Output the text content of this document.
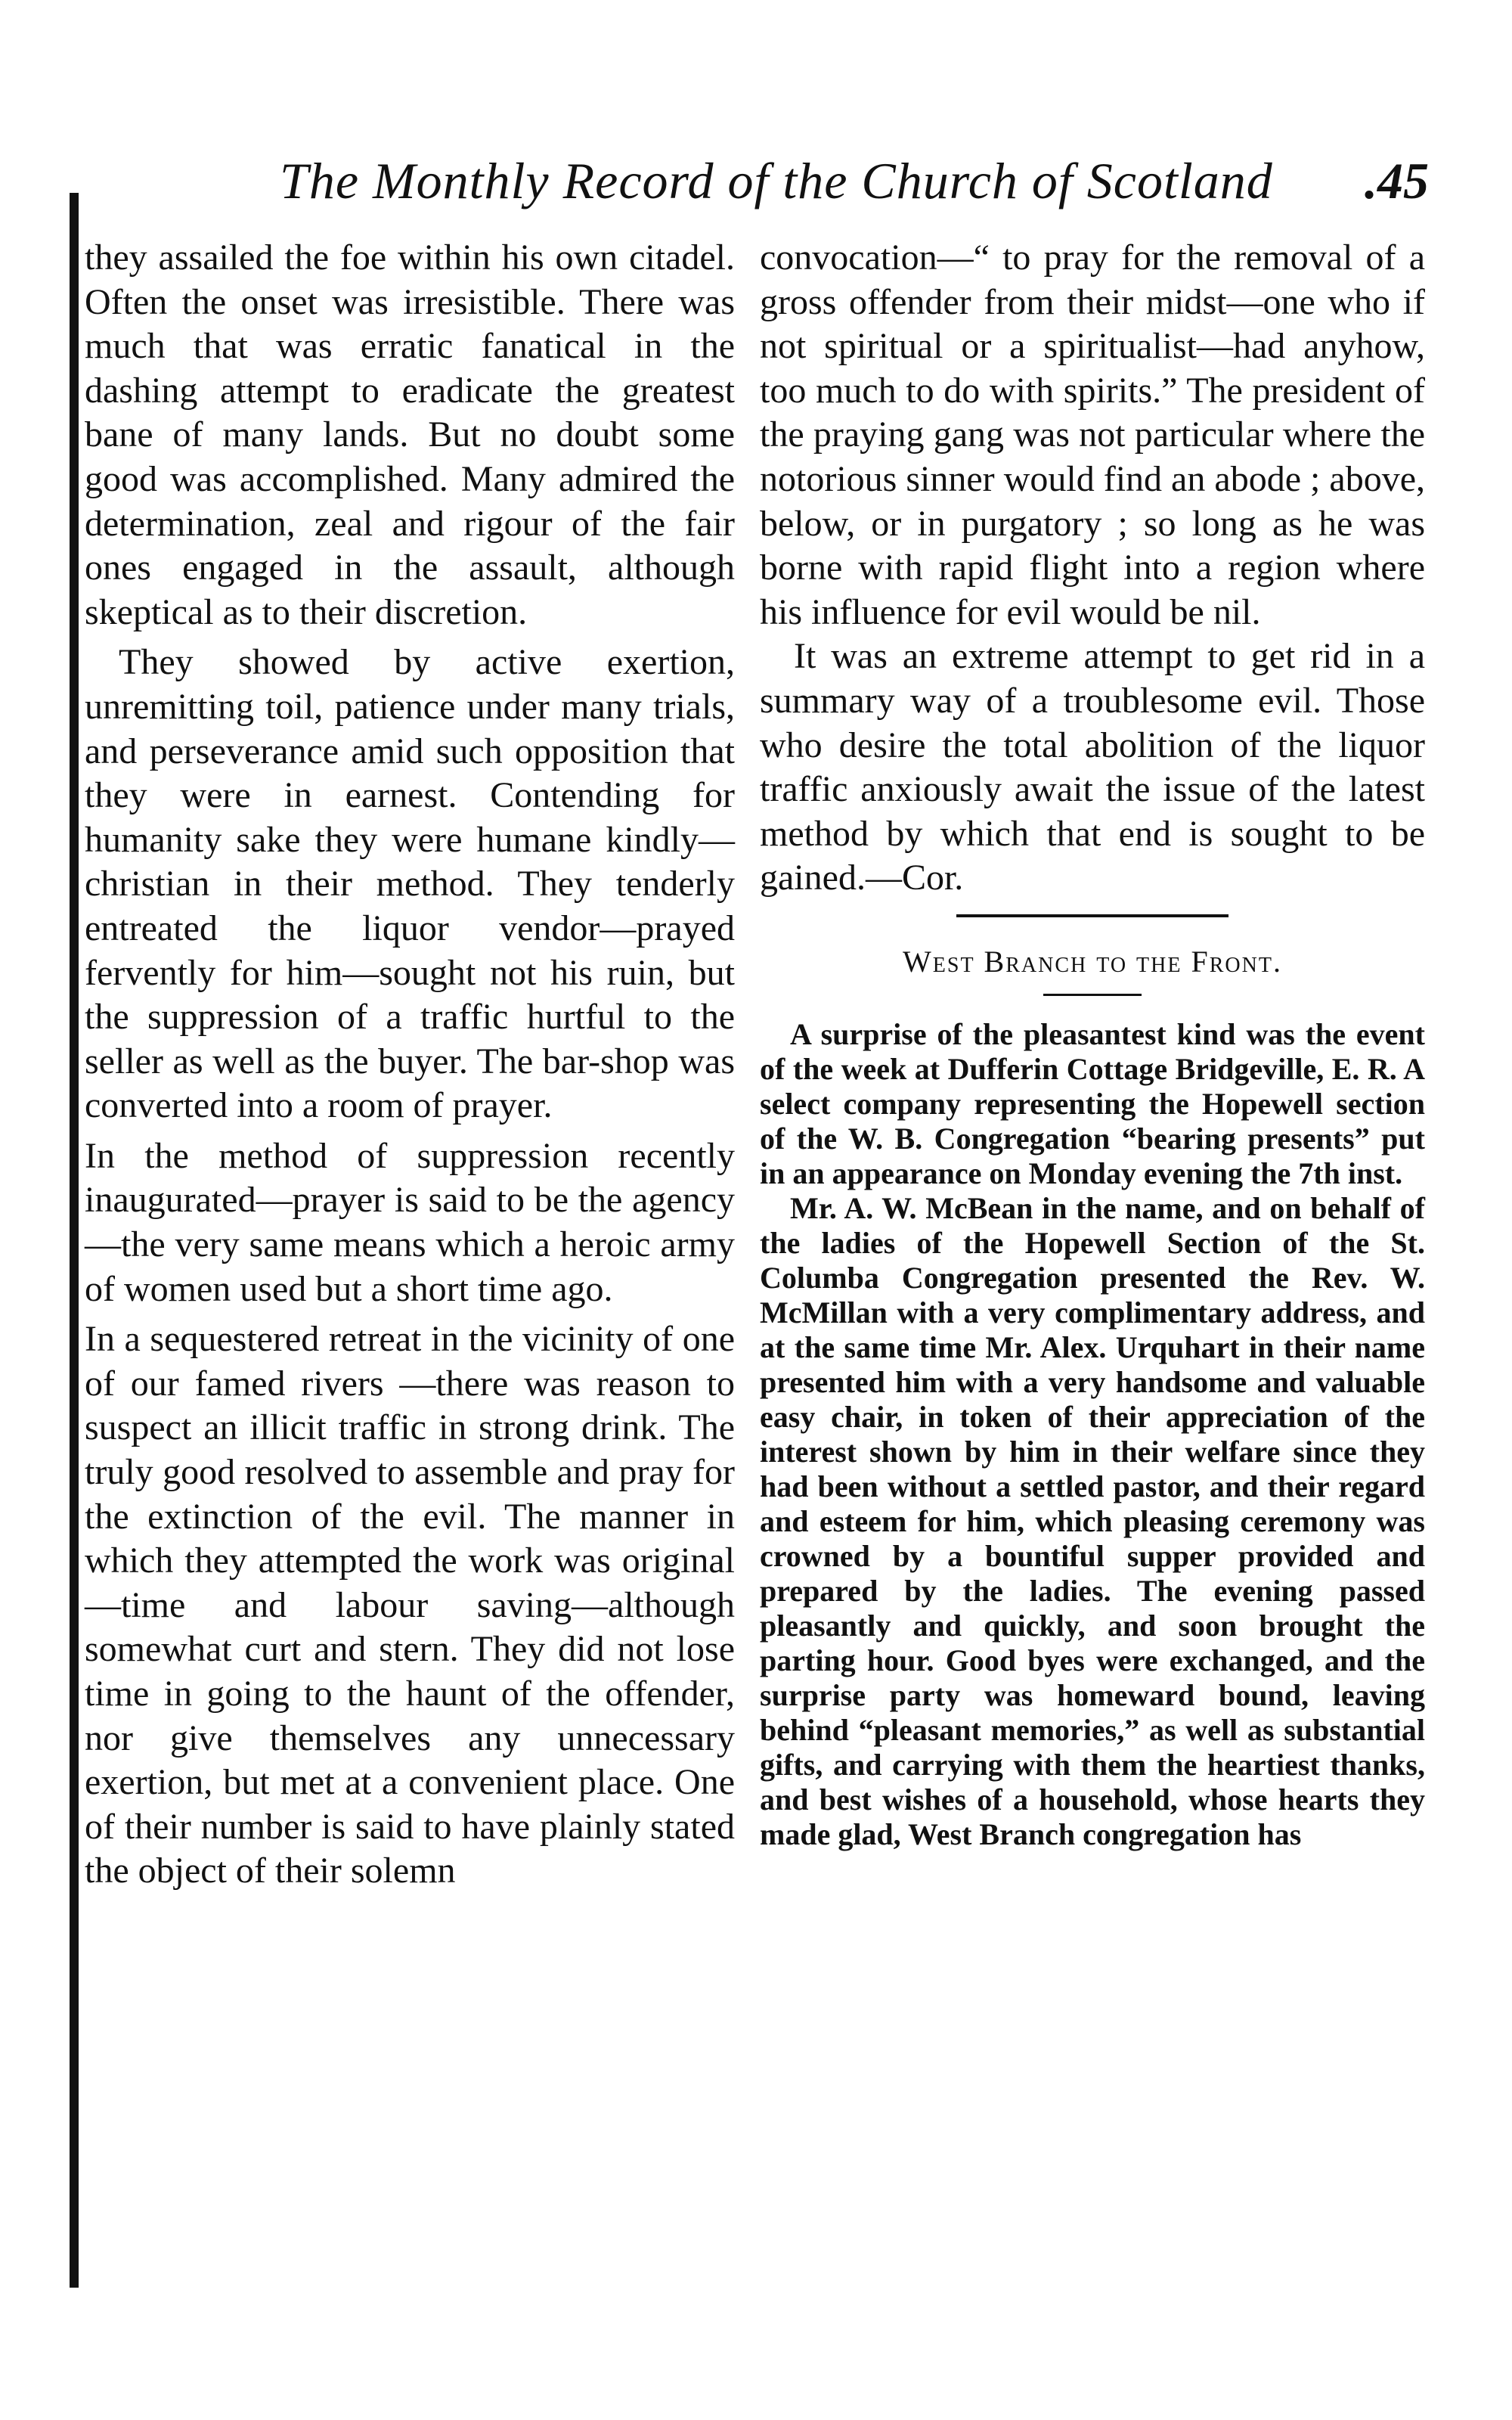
The Monthly Record of the Church of Scotland .45

they assailed the foe within his own citadel. Often the onset was irresistible. There was much that was erratic fanatical in the dashing attempt to eradicate the greatest bane of many lands. But no doubt some good was accomplished. Many admired the determination, zeal and rigour of the fair ones engaged in the assault, although skeptical as to their discretion.

They showed by active exertion, unremitting toil, patience under many trials, and perseverance amid such opposition that they were in earnest. Contending for humanity sake they were humane kindly—christian in their method. They tenderly entreated the liquor vendor—prayed fervently for him—sought not his ruin, but the suppression of a traffic hurtful to the seller as well as the buyer. The bar-shop was converted into a room of prayer.

In the method of suppression recently inaugurated—prayer is said to be the agency—the very same means which a heroic army of women used but a short time ago.

In a sequestered retreat in the vicinity of one of our famed rivers —there was reason to suspect an illicit traffic in strong drink. The truly good resolved to assemble and pray for the extinction of the evil. The manner in which they attempted the work was original—time and labour saving—although somewhat curt and stern. They did not lose time in going to the haunt of the offender, nor give themselves any unnecessary exertion, but met at a convenient place. One of their number is said to have plainly stated the object of their solemn

convocation—“ to pray for the removal of a gross offender from their midst—one who if not spiritual or a spiritualist—had anyhow, too much to do with spirits.” The president of the praying gang was not particular where the notorious sinner would find an abode ; above, below, or in purgatory ; so long as he was borne with rapid flight into a region where his influence for evil would be nil.

It was an extreme attempt to get rid in a summary way of a troublesome evil. Those who desire the total abolition of the liquor traffic anxiously await the issue of the latest method by which that end is sought to be gained.—Cor.

West Branch to the Front.

A surprise of the pleasantest kind was the event of the week at Dufferin Cottage Bridgeville, E. R. A select company representing the Hopewell section of the W. B. Congregation “bearing presents” put in an appearance on Monday evening the 7th inst.

Mr. A. W. McBean in the name, and on behalf of the ladies of the Hopewell Section of the St. Columba Congregation presented the Rev. W. McMillan with a very complimentary address, and at the same time Mr. Alex. Urquhart in their name presented him with a very handsome and valuable easy chair, in token of their appreciation of the interest shown by him in their welfare since they had been without a settled pastor, and their regard and esteem for him, which pleasing ceremony was crowned by a bountiful supper provided and prepared by the ladies. The evening passed pleasantly and quickly, and soon brought the parting hour. Good byes were exchanged, and the surprise party was homeward bound, leaving behind “pleasant memories,” as well as substantial gifts, and carrying with them the heartiest thanks, and best wishes of a household, whose hearts they made glad, West Branch congregation has
